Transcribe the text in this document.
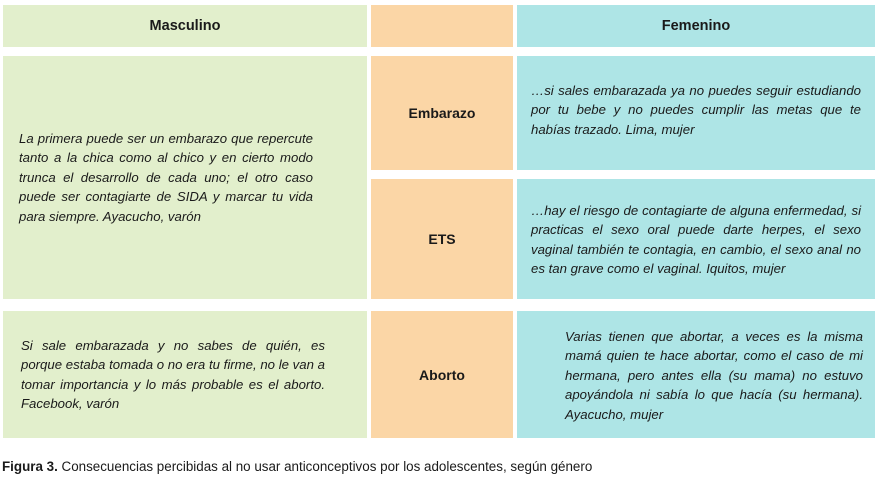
Masculino	Femenino
La primera puede ser un embarazo que repercute tanto a la chica como al chico y en cierto modo trunca el desarrollo de cada uno; el otro caso puede ser contagiarte de SIDA y marcar tu vida para siempre. Ayacucho, varón
Embarazo
…si sales embarazada ya no puedes seguir estudiando por tu bebe y no puedes cumplir las metas que te habías trazado. Lima, mujer
ETS
…hay el riesgo de contagiarte de alguna enfermedad, si practicas el sexo oral puede darte herpes, el sexo vaginal también te contagia, en cambio, el sexo anal no es tan grave como el vaginal. Iquitos, mujer
Si sale embarazada y no sabes de quién, es porque estaba tomada o no era tu firme, no le van a tomar importancia y lo más probable es el aborto. Facebook, varón
Aborto
Varias tienen que abortar, a veces es la misma mamá quien te hace abortar, como el caso de mi hermana, pero antes ella (su mama) no estuvo apoyándola ni sabía lo que hacía (su hermana). Ayacucho, mujer
Figura 3. Consecuencias percibidas al no usar anticonceptivos por los adolescentes, según género
